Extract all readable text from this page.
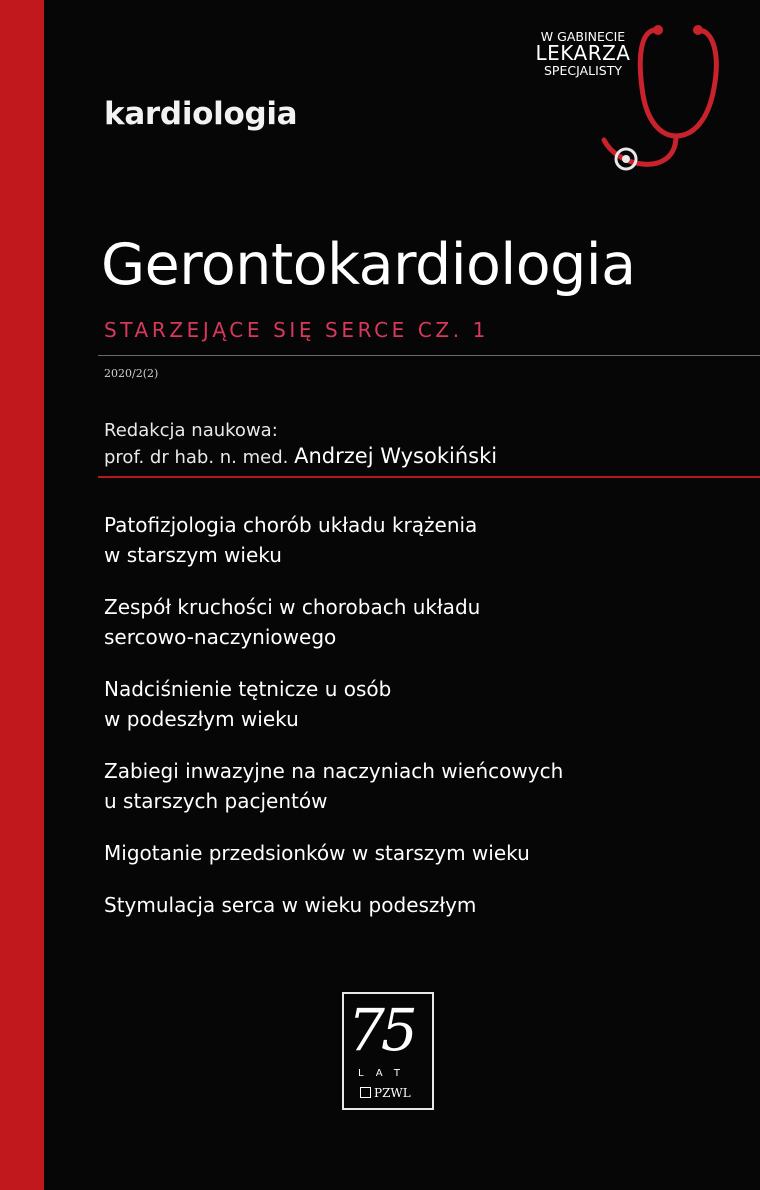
kardiologia
W GABINECIE
LEKARZA
SPECJALISTY
Gerontokardiologia
STARZEJĄCE SIĘ SERCE CZ. 1
2020/2(2)
Redakcja naukowa:
prof. dr hab. n. med. Andrzej Wysokiński
Patofizjologia chorób układu krążenia
w starszym wieku
Zespół kruchości w chorobach układu
sercowo-naczyniowego
Nadciśnienie tętnicze u osób
w podeszłym wieku
Zabiegi inwazyjne na naczyniach wieńcowych
u starszych pacjentów
Migotanie przedsionków w starszym wieku
Stymulacja serca w wieku podeszłym
75
LAT
PZWL
